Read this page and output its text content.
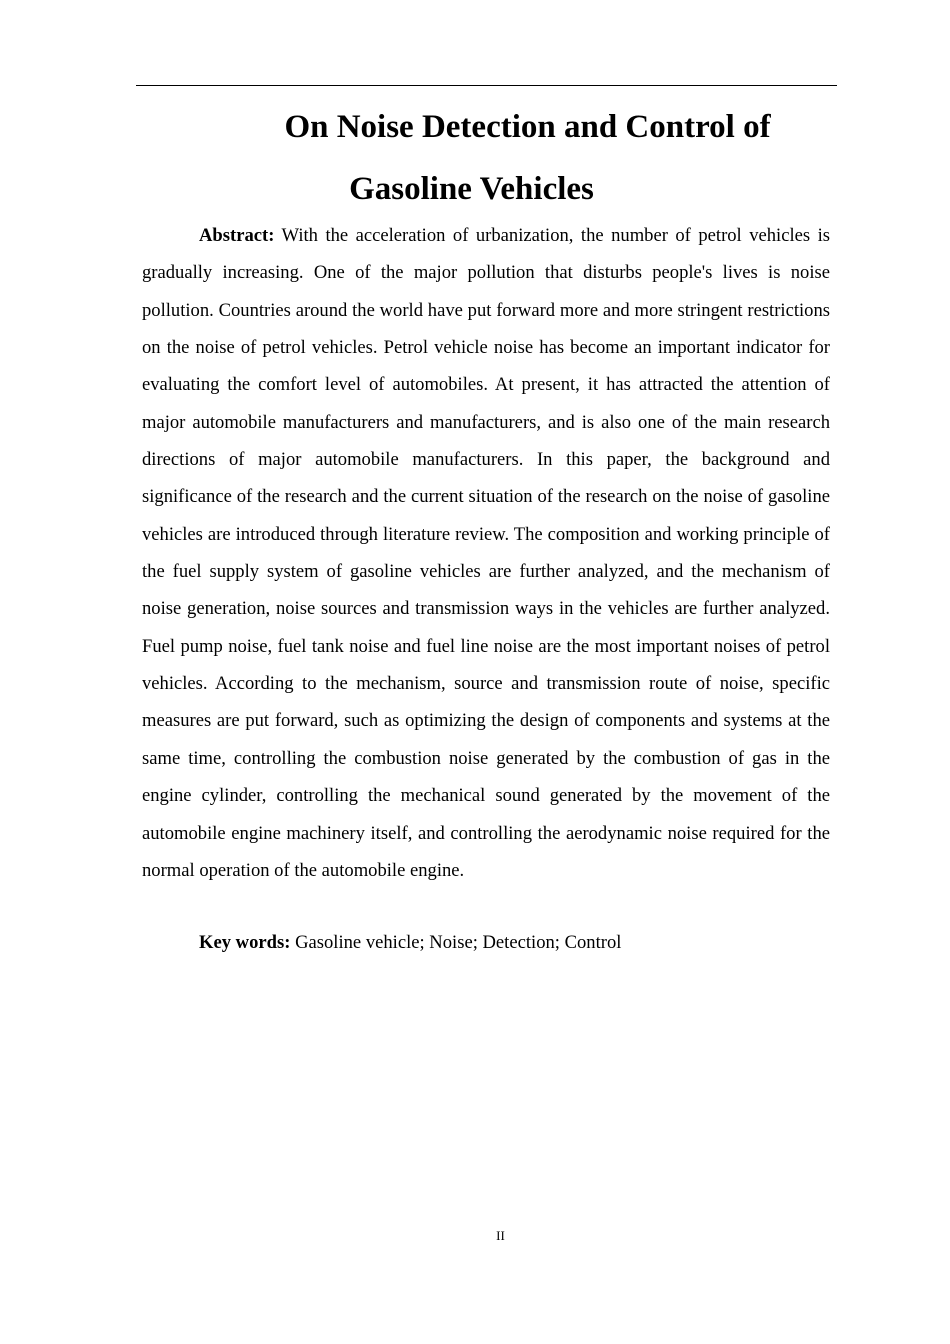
On Noise Detection and Control of
Gasoline Vehicles

Abstract: With the acceleration of urbanization, the number of petrol vehicles is gradually increasing. One of the major pollution that disturbs people's lives is noise pollution. Countries around the world have put forward more and more stringent restrictions on the noise of petrol vehicles. Petrol vehicle noise has become an important indicator for evaluating the comfort level of automobiles. At present, it has attracted the attention of major automobile manufacturers and manufacturers, and is also one of the main research directions of major automobile manufacturers. In this paper, the background and significance of the research and the current situation of the research on the noise of gasoline vehicles are introduced through literature review. The composition and working principle of the fuel supply system of gasoline vehicles are further analyzed, and the mechanism of noise generation, noise sources and transmission ways in the vehicles are further analyzed. Fuel pump noise, fuel tank noise and fuel line noise are the most important noises of petrol vehicles. According to the mechanism, source and transmission route of noise, specific measures are put forward, such as optimizing the design of components and systems at the same time, controlling the combustion noise generated by the combustion of gas in the engine cylinder, controlling the mechanical sound generated by the movement of the automobile engine machinery itself, and controlling the aerodynamic noise required for the normal operation of the automobile engine.

Key words: Gasoline vehicle; Noise; Detection; Control

II
